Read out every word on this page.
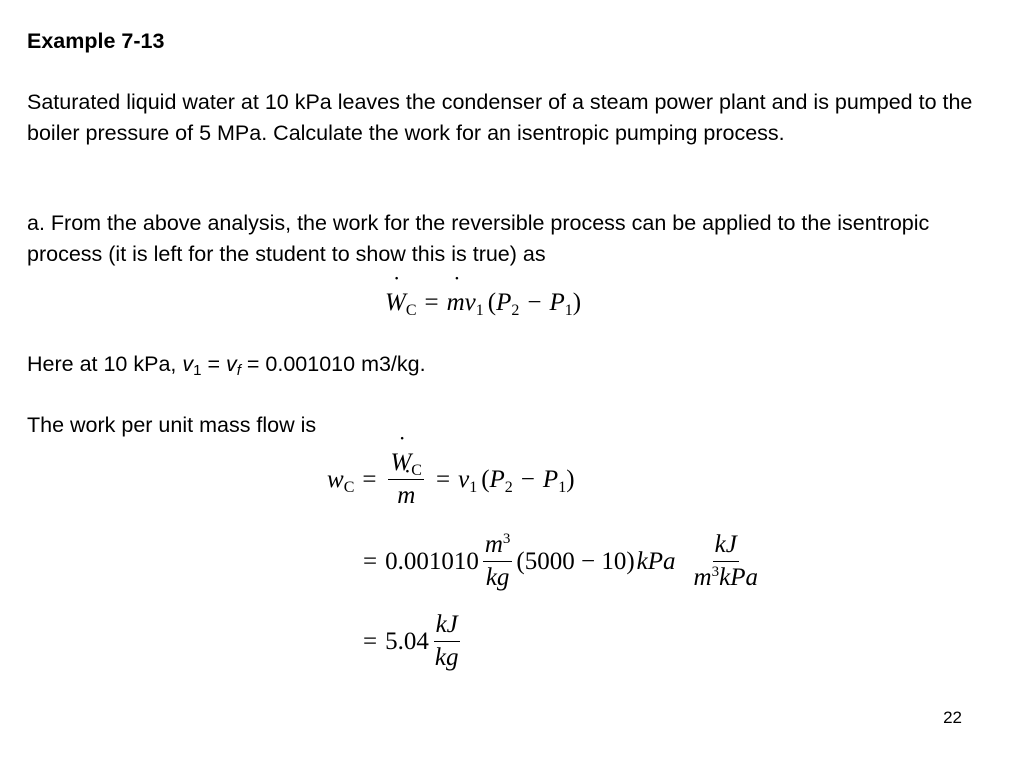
Example 7-13
Saturated liquid water at 10 kPa leaves the condenser of a steam power plant and is pumped to the boiler pressure of 5 MPa. Calculate the work for an isentropic pumping process.
a. From the above analysis, the work for the reversible process can be applied to the isentropic process (it is left for the student to show this is true) as
W $˙_C = m$ ˙ $v_1$ ( $P_2 - P_1$ )
Here at 10 kPa, $v_1 = v_f = 0.001010$ m3/kg.
The work per unit mass flow is
$w_C = \frac{W ˙_C}{m}$ ˙ = $v_1$ ( $P_2 - P_1$ )
= $0.001010 \frac{m^3}{kg} (5000 - 10)$ kPa $\frac{kJ}{m^3kPa}$
= $5.04 \frac{kJ}{kg}$
22
